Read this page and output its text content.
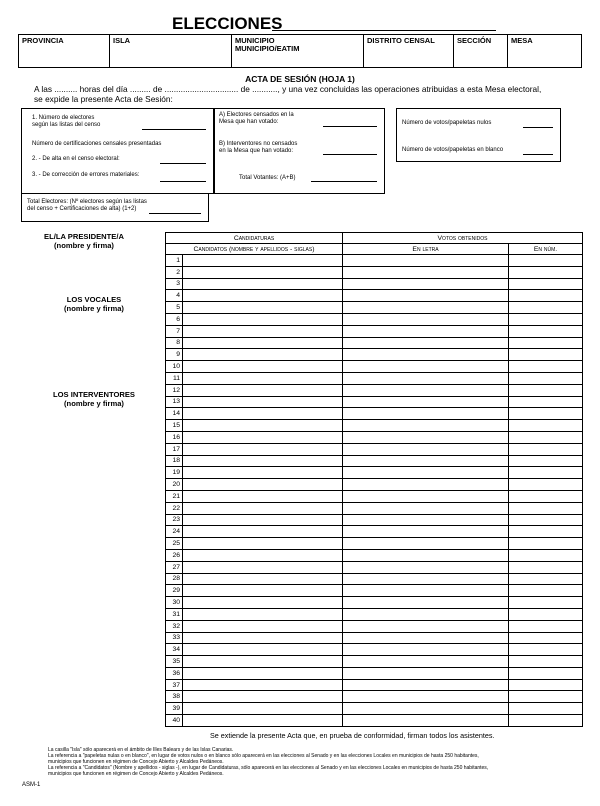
ELECCIONES
PROVINCIA	ISLA	MUNICIPIO
MUNICIPIO/EATIM
DISTRITO CENSAL	SECCIÓN	MESA
ACTA DE SESIÓN (HOJA 1)
A las .......... horas del día ......... de ................................ de ..........., y una vez concluidas las operaciones atribuidas a esta Mesa electoral,
se expide la presente Acta de Sesión:
1. Número de electores
según las listas del censo
Número de certificaciones censales presentadas
2. - De alta en el censo electoral:
3. - De corrección de errores materiales:
Total Electores: (Nº electores según las listas
del censo + Certificaciones de alta) (1+2)
A) Electores censados en la
Mesa que han votado:
B) Interventores no censados
en la Mesa que han votado:
Total Votantes: (A+B)
Número de votos/papeletas nulos
Número de votos/papeletas en blanco
EL/LA PRESIDENTE/A
(nombre y firma)
LOS VOCALES
(nombre y firma)
LOS INTERVENTORES
(nombre y firma)
Candidaturas		Votos obtenidos	
Candidatos (nombre y apellidos - siglas)		En letra	En núm.
1			
2			
3			
4			
5			
6			
7			
8			
9			
10			
11			
12			
13			
14			
15			
16			
17			
18			
19			
20			
21			
22			
23			
24			
25			
26			
27			
28			
29			
30			
31			
32			
33			
34			
35			
36			
37			
38			
39			
40			
Se extiende la presente Acta que, en prueba de conformidad, firman todos los asistentes.
La casilla "Isla" sólo aparecerá en el ámbito de Illes Balears y de las Islas Canarias.
La referencia a "papeletas nulas o en blanco", en lugar de votos nulos o en blanco sólo aparecerá en las elecciones al Senado y en las elecciones Locales en municipios de hasta 250 habitantes,
municipios que funcionen en régimen de Concejo Abierto y Alcaldes Pedáneos.
La referencia a "Candidatos" (Nombre y apellidos - siglas -), en lugar de Candidaturas, sólo aparecerá en las elecciones al Senado y en las elecciones Locales en municipios de hasta 250 habitantes,
municipios que funcionen en régimen de Concejo Abierto y Alcaldes Pedáneos.
ASM-1
